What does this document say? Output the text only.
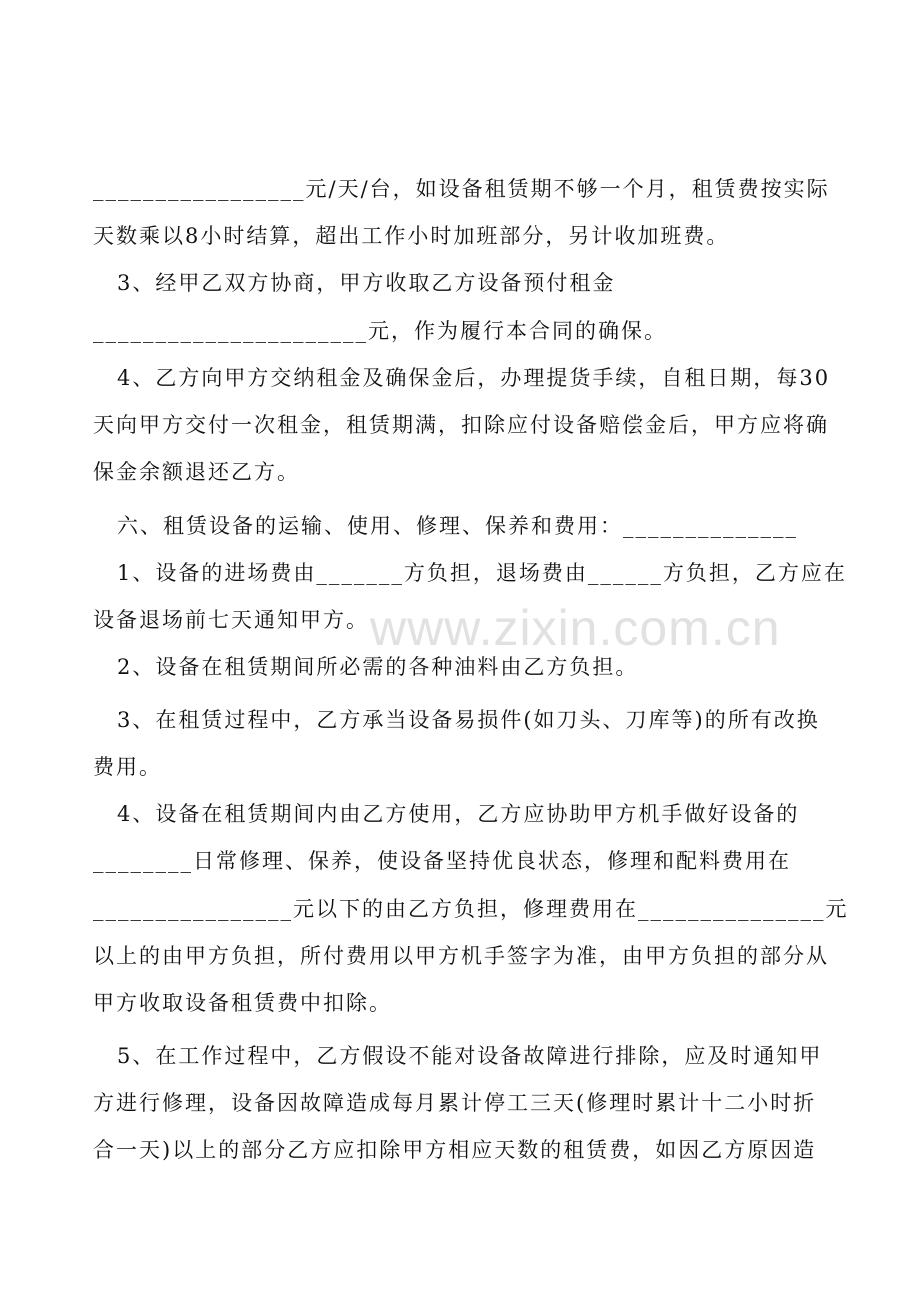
www.zixin.com.cn
_________________元/天/台，如设备租赁期不够一个月，租赁费按实际
天数乘以8小时结算，超出工作小时加班部分，另计收加班费。
3、经甲乙双方协商，甲方收取乙方设备预付租金
______________________元，作为履行本合同的确保。
4、乙方向甲方交纳租金及确保金后，办理提货手续，自租日期，每30
天向甲方交付一次租金，租赁期满，扣除应付设备赔偿金后，甲方应将确
保金余额退还乙方。
六、租赁设备的运输、使用、修理、保养和费用：______________
1、设备的进场费由_______方负担，退场费由______方负担，乙方应在
设备退场前七天通知甲方。
2、设备在租赁期间所必需的各种油料由乙方负担。
3、在租赁过程中，乙方承当设备易损件(如刀头、刀库等)的所有改换
费用。
4、设备在租赁期间内由乙方使用，乙方应协助甲方机手做好设备的
________日常修理、保养，使设备坚持优良状态，修理和配料费用在
________________元以下的由乙方负担，修理费用在_______________元
以上的由甲方负担，所付费用以甲方机手签字为准，由甲方负担的部分从
甲方收取设备租赁费中扣除。
5、在工作过程中，乙方假设不能对设备故障进行排除，应及时通知甲
方进行修理，设备因故障造成每月累计停工三天(修理时累计十二小时折
合一天)以上的部分乙方应扣除甲方相应天数的租赁费，如因乙方原因造
